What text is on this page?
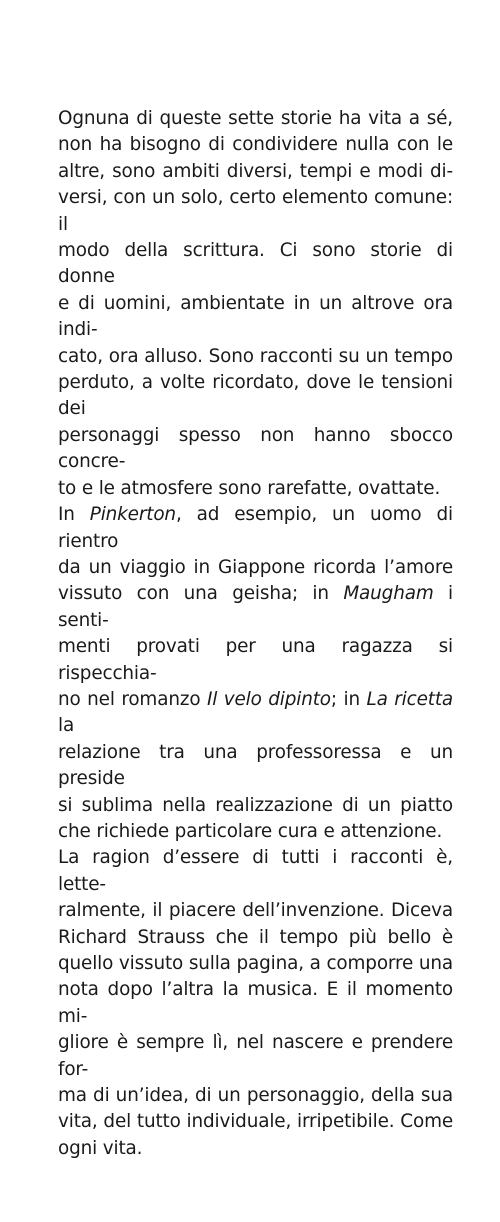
Ognuna di queste sette storie ha vita a sé,
non ha bisogno di condividere nulla con le
altre, sono ambiti diversi, tempi e modi di-
versi, con un solo, certo elemento comune: il
modo della scrittura. Ci sono storie di donne
e di uomini, ambientate in un altrove ora indi-
cato, ora alluso. Sono racconti su un tempo
perduto, a volte ricordato, dove le tensioni dei
personaggi spesso non hanno sbocco concre-
to e le atmosfere sono rarefatte, ovattate.
In Pinkerton, ad esempio, un uomo di rientro
da un viaggio in Giappone ricorda l’amore
vissuto con una geisha; in Maugham i senti-
menti provati per una ragazza si rispecchia-
no nel romanzo Il velo dipinto; in La ricetta la
relazione tra una professoressa e un preside
si sublima nella realizzazione di un piatto
che richiede particolare cura e attenzione.
La ragion d’essere di tutti i racconti è, lette-
ralmente, il piacere dell’invenzione. Diceva
Richard Strauss che il tempo più bello è
quello vissuto sulla pagina, a comporre una
nota dopo l’altra la musica. E il momento mi-
gliore è sempre lì, nel nascere e prendere for-
ma di un’idea, di un personaggio, della sua
vita, del tutto individuale, irripetibile. Come
ogni vita.
